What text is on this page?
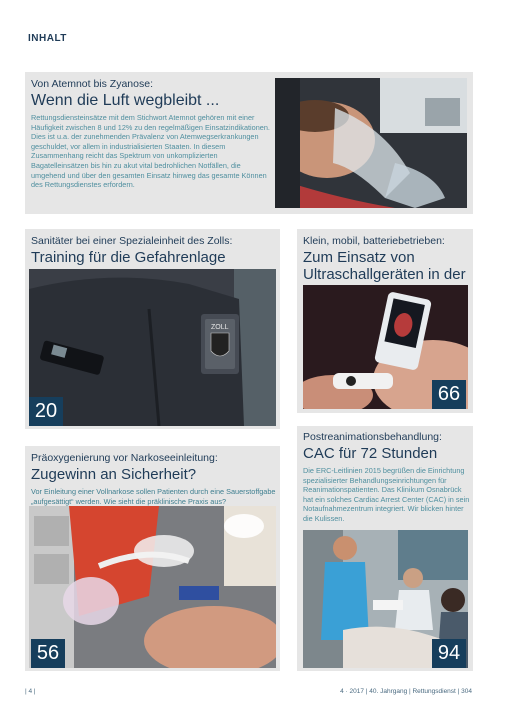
INHALT
Von Atemnot bis Zyanose:
Wenn die Luft wegbleibt ...
Rettungsdiensteinsätze mit dem Stichwort Atemnot gehören mit einer Häufigkeit zwischen 8 und 12% zu den regelmäßigen Einsatzindikationen. Dies ist u.a. der zunehmenden Prävalenz von Atemwegserkrankungen geschuldet, vor allem in industrialisierten Staaten. In diesem Zusammenhang reicht das Spektrum von unkomplizierten Bagatelleinsätzen bis hin zu akut vital bedrohlichen Notfällen, die umgehend und über den gesamten Einsatz hinweg das gesamte Können des Rettungsdienstes erfordern.
Sanitäter bei einer Spezialeinheit des Zolls:
Training für die Gefahrenlage
ZOLL
20
Klein, mobil, batteriebetrieben:
Zum Einsatz von Ultraschallgeräten in der
66
Präoxygenierung vor Narkoseeinleitung:
Zugewinn an Sicherheit?
Vor Einleitung einer Vollnarkose sollen Patienten durch eine Sauerstoffgabe „aufgesättigt“ werden. Wie sieht die präklinische Praxis aus?
56
Postreanimationsbehandlung:
CAC für 72 Stunden
Die ERC-Leitlinien 2015 begrüßen die Einrichtung spezialisierter Behandlungseinrichtungen für Reanimationspatienten. Das Klinikum Osnabrück hat ein solches Cardiac Arrest Center (CAC) in sein Notaufnahmezentrum integriert. Wir blicken hinter die Kulissen.
94
| 4 |	4 · 2017 | 40. Jahrgang | Rettungsdienst | 304
